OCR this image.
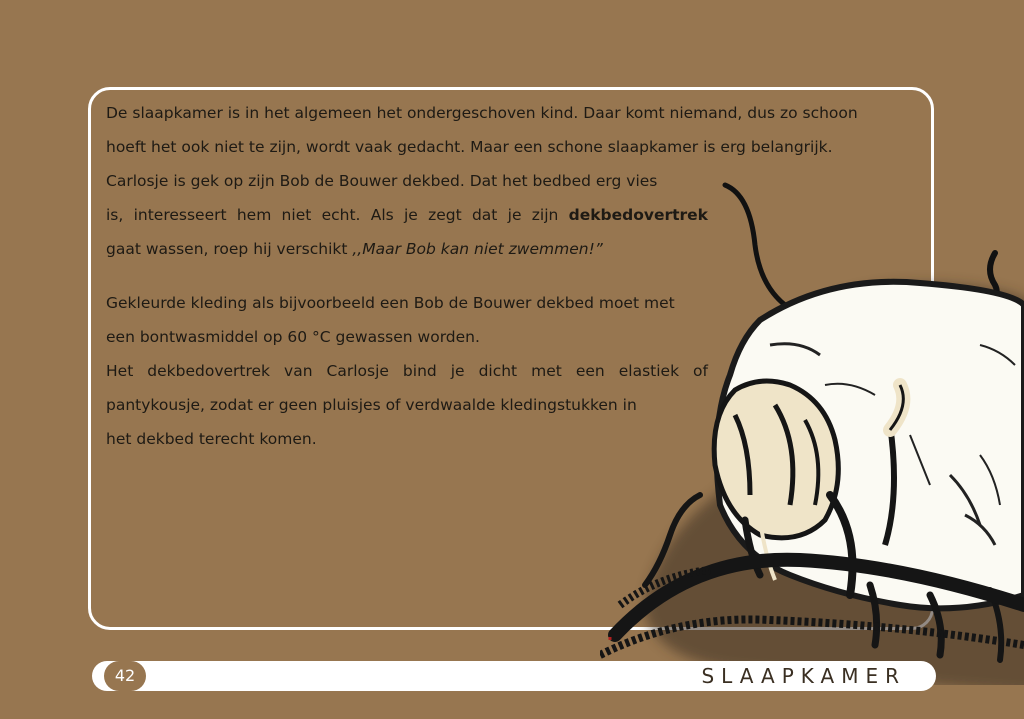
De slaapkamer is in het algemeen het ondergeschoven kind. Daar komt niemand, dus zo schoon

hoeft het ook niet te zijn, wordt vaak gedacht. Maar een schone slaapkamer is erg belangrijk.

Carlosje is gek op zijn Bob de Bouwer dekbed. Dat het bedbed erg vies

is, interesseert hem niet echt. Als je zegt dat je zijn dekbedovertrek

gaat wassen, roep hij verschikt ,,Maar Bob kan niet zwemmen!”

Gekleurde kleding als bijvoorbeeld een Bob de Bouwer dekbed moet met

een bontwasmiddel op 60 °C gewassen worden.

Het dekbedovertrek van Carlosje bind je dicht met een elastiek of

pantykousje, zodat er geen pluisjes of verdwaalde kledingstukken in

het dekbed terecht komen.

42	SLAAPKAMER
